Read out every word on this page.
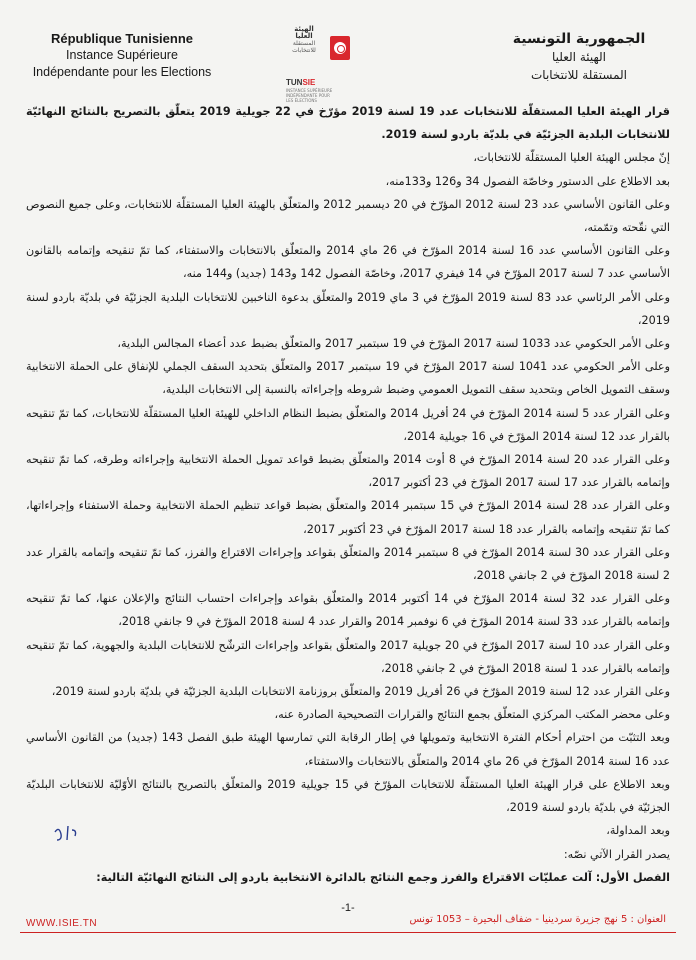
République Tunisienne
Instance Supérieure
Indépendante pour les Elections
الهيئة
العليا
المستقلة
للانتخابات
TUNSIE
INSTANCE SUPÉRIEURE INDÉPENDANTE POUR LES ÉLECTIONS
الجمهورية التونسية
الهيئة العليا
المستقلة للانتخابات

قرار الهيئة العليا المستقلّة للانتخابات عدد 19 لسنة 2019 مؤرّخ في 22 جويلية 2019 يتعلّق بالتصريح بالنتائج النهائيّة للانتخابات البلدية الجزئيّة في بلديّة باردو لسنة 2019.

إنّ مجلس الهيئة العليا المستقلّة للانتخابات،

بعد الاطلاع على الدستور وخاصّة الفصول 34 و126 و133منه،

وعلى القانون الأساسي عدد 23 لسنة 2012 المؤرّخ في 20 ديسمبر 2012 والمتعلّق بالهيئة العليا المستقلّة للانتخابات، وعلى جميع النصوص التي نقّحته وتمّمته،

وعلى القانون الأساسي عدد 16 لسنة 2014 المؤرّخ في 26 ماي 2014 والمتعلّق بالانتخابات والاستفتاء، كما تمّ تنقيحه وإتمامه بالقانون الأساسي عدد 7 لسنة 2017 المؤرّخ في 14 فيفري 2017، وخاصّة الفصول 142 و143 (جديد) و144 منه،

وعلى الأمر الرئاسي عدد 83 لسنة 2019 المؤرّخ في 3 ماي 2019 والمتعلّق بدعوة الناخبين للانتخابات البلدية الجزئيّة في بلديّة باردو لسنة 2019،

وعلى الأمر الحكومي عدد 1033 لسنة 2017 المؤرّخ في 19 سبتمبر 2017 والمتعلّق بضبط عدد أعضاء المجالس البلدية،

وعلى الأمر الحكومي عدد 1041 لسنة 2017 المؤرّخ في 19 سبتمبر 2017 والمتعلّق بتحديد السقف الجملي للإنفاق على الحملة الانتخابية وسقف التمويل الخاص وبتحديد سقف التمويل العمومي وضبط شروطه وإجراءاته بالنسبة إلى الانتخابات البلدية،

وعلى القرار عدد 5 لسنة 2014 المؤرّخ في 24 أفريل 2014 والمتعلّق بضبط النظام الداخلي للهيئة العليا المستقلّة للانتخابات، كما تمّ تنقيحه بالقرار عدد 12 لسنة 2014 المؤرّخ في 16 جويلية 2014،

وعلى القرار عدد 20 لسنة 2014 المؤرّخ في 8 أوت 2014 والمتعلّق بضبط قواعد تمويل الحملة الانتخابية وإجراءاته وطرقه، كما تمّ تنقيحه وإتمامه بالقرار عدد 17 لسنة 2017 المؤرّخ في 23 أكتوبر 2017،

وعلى القرار عدد 28 لسنة 2014 المؤرّخ في 15 سبتمبر 2014 والمتعلّق بضبط قواعد تنظيم الحملة الانتخابية وحملة الاستفتاء وإجراءاتها، كما تمّ تنقيحه وإتمامه بالقرار عدد 18 لسنة 2017 المؤرّخ في 23 أكتوبر 2017،

وعلى القرار عدد 30 لسنة 2014 المؤرّخ في 8 سبتمبر 2014 والمتعلّق بقواعد وإجراءات الاقتراع والفرز، كما تمّ تنقيحه وإتمامه بالقرار عدد 2 لسنة 2018 المؤرّخ في 2 جانفي 2018،

وعلى القرار عدد 32 لسنة 2014 المؤرّخ في 14 أكتوبر 2014 والمتعلّق بقواعد وإجراءات احتساب النتائج والإعلان عنها، كما تمّ تنقيحه وإتمامه بالقرار عدد 33 لسنة 2014 المؤرّخ في 6 نوفمبر 2014 والقرار عدد 4 لسنة 2018 المؤرّخ في 9 جانفي 2018،

وعلى القرار عدد 10 لسنة 2017 المؤرّخ في 20 جويلية 2017 والمتعلّق بقواعد وإجراءات الترشّح للانتخابات البلدية والجهوية، كما تمّ تنقيحه وإتمامه بالقرار عدد 1 لسنة 2018 المؤرّخ في 2 جانفي 2018،

وعلى القرار عدد 12 لسنة 2019 المؤرّخ في 26 أفريل 2019 والمتعلّق بروزنامة الانتخابات البلدية الجزئيّة في بلديّة باردو لسنة 2019،

وعلى محضر المكتب المركزي المتعلّق بجمع النتائج والقرارات التصحيحية الصادرة عنه،

وبعد التثبّت من احترام أحكام الفترة الانتخابية وتمويلها في إطار الرقابة التي تمارسها الهيئة طبق الفصل 143 (جديد) من القانون الأساسي عدد 16 لسنة 2014 المؤرّخ في 26 ماي 2014 والمتعلّق بالانتخابات والاستفتاء،

وبعد الاطلاع على قرار الهيئة العليا المستقلّة للانتخابات المؤرّخ في 15 جويلية 2019 والمتعلّق بالتصريح بالنتائج الأوّليّة للانتخابات البلديّة الجزئيّة في بلديّة باردو لسنة 2019،

وبعد المداولة،

يصدر القرار الآتي نصّه:

الفصل الأول: آلت عمليّات الاقتراع والفرز وجمع النتائج بالدائرة الانتخابية باردو إلى النتائج النهائيّة التالية:

-1-
العنوان : 5 نهج جزيرة سردينيا - ضفاف البحيرة – 1053 تونس
WWW.ISIE.TN
